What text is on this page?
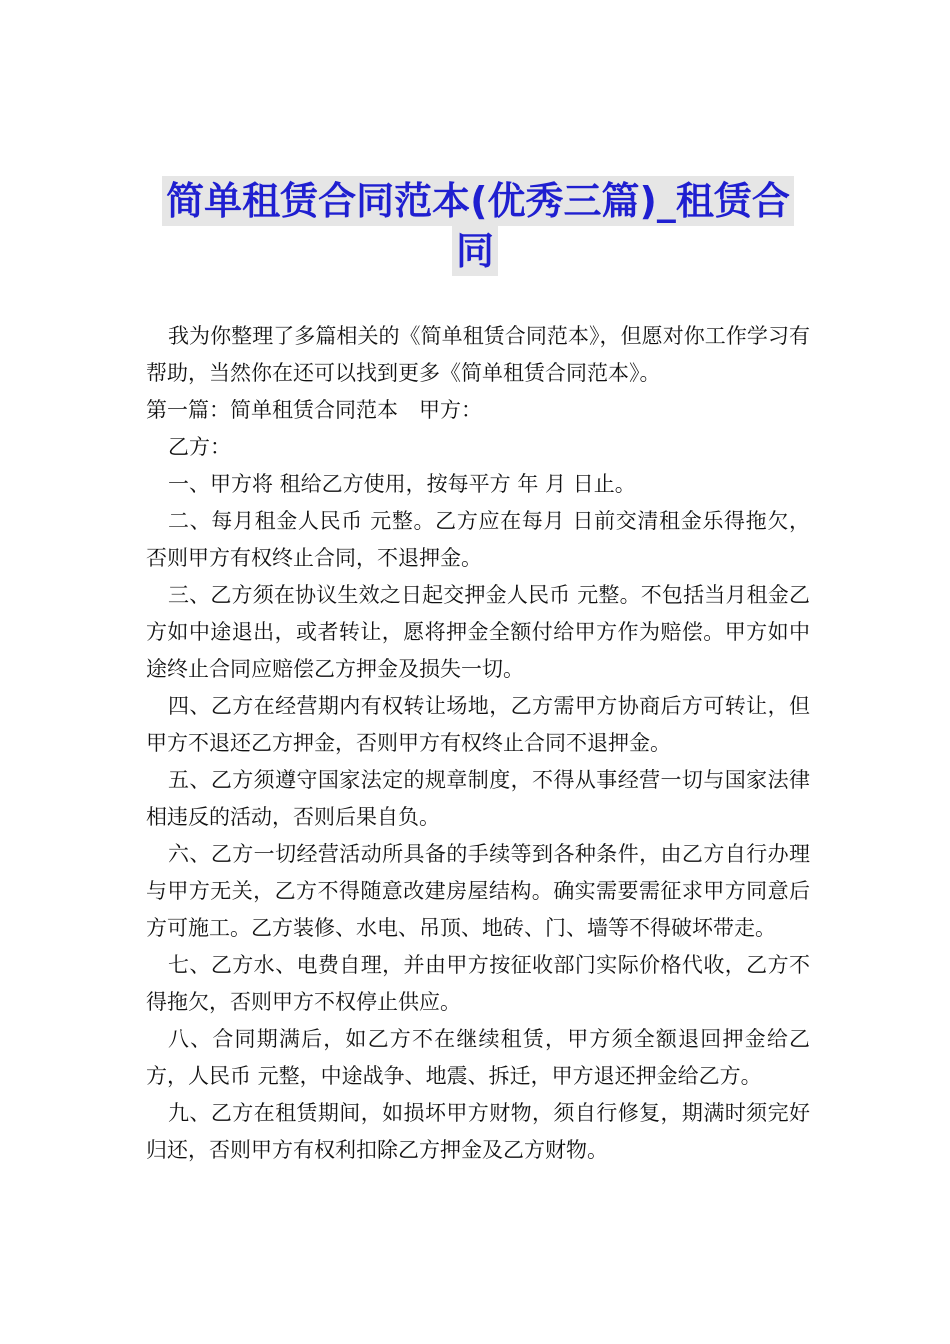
简单租赁合同范本(优秀三篇)_租赁合
同

我为你整理了多篇相关的《简单租赁合同范本》，但愿对你工作学习有帮助，当然你在还可以找到更多《简单租赁合同范本》。

第一篇：简单租赁合同范本　甲方：

乙方：

一、甲方将 租给乙方使用，按每平方 年 月 日止。

二、每月租金人民币 元整。乙方应在每月 日前交清租金乐得拖欠，否则甲方有权终止合同，不退押金。

三、乙方须在协议生效之日起交押金人民币 元整。不包括当月租金乙方如中途退出，或者转让，愿将押金全额付给甲方作为赔偿。甲方如中途终止合同应赔偿乙方押金及损失一切。

四、乙方在经营期内有权转让场地，乙方需甲方协商后方可转让，但甲方不退还乙方押金，否则甲方有权终止合同不退押金。

五、乙方须遵守国家法定的规章制度，不得从事经营一切与国家法律相违反的活动，否则后果自负。

六、乙方一切经营活动所具备的手续等到各种条件，由乙方自行办理与甲方无关，乙方不得随意改建房屋结构。确实需要需征求甲方同意后方可施工。乙方装修、水电、吊顶、地砖、门、墙等不得破坏带走。

七、乙方水、电费自理，并由甲方按征收部门实际价格代收，乙方不得拖欠，否则甲方不权停止供应。

八、合同期满后，如乙方不在继续租赁，甲方须全额退回押金给乙方，人民币 元整，中途战争、地震、拆迁，甲方退还押金给乙方。

九、乙方在租赁期间，如损坏甲方财物，须自行修复，期满时须完好归还，否则甲方有权利扣除乙方押金及乙方财物。
